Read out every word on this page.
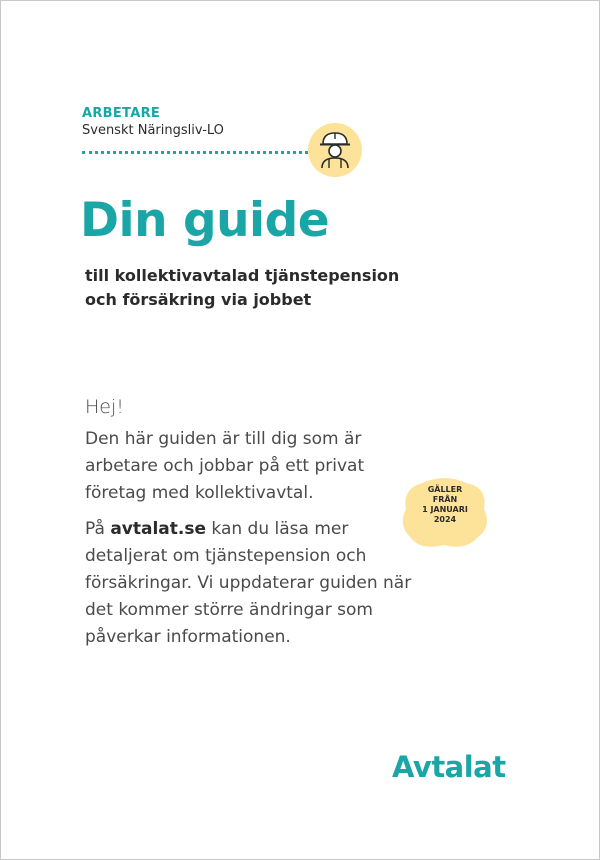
ARBETARE
Svenskt Näringsliv-LO
Din guide
till kollektivavtalad tjänstepension
och försäkring via jobbet
Hej!
Den här guiden är till dig som är arbetare och jobbar på ett privat företag med kollektivavtal.
På avtalat.se kan du läsa mer detaljerat om tjänstepension och försäkringar. Vi uppdaterar guiden när det kommer större ändringar som påverkar informationen.
GÄLLER
FRÅN
1 JANUARI
2024
Avtalat
